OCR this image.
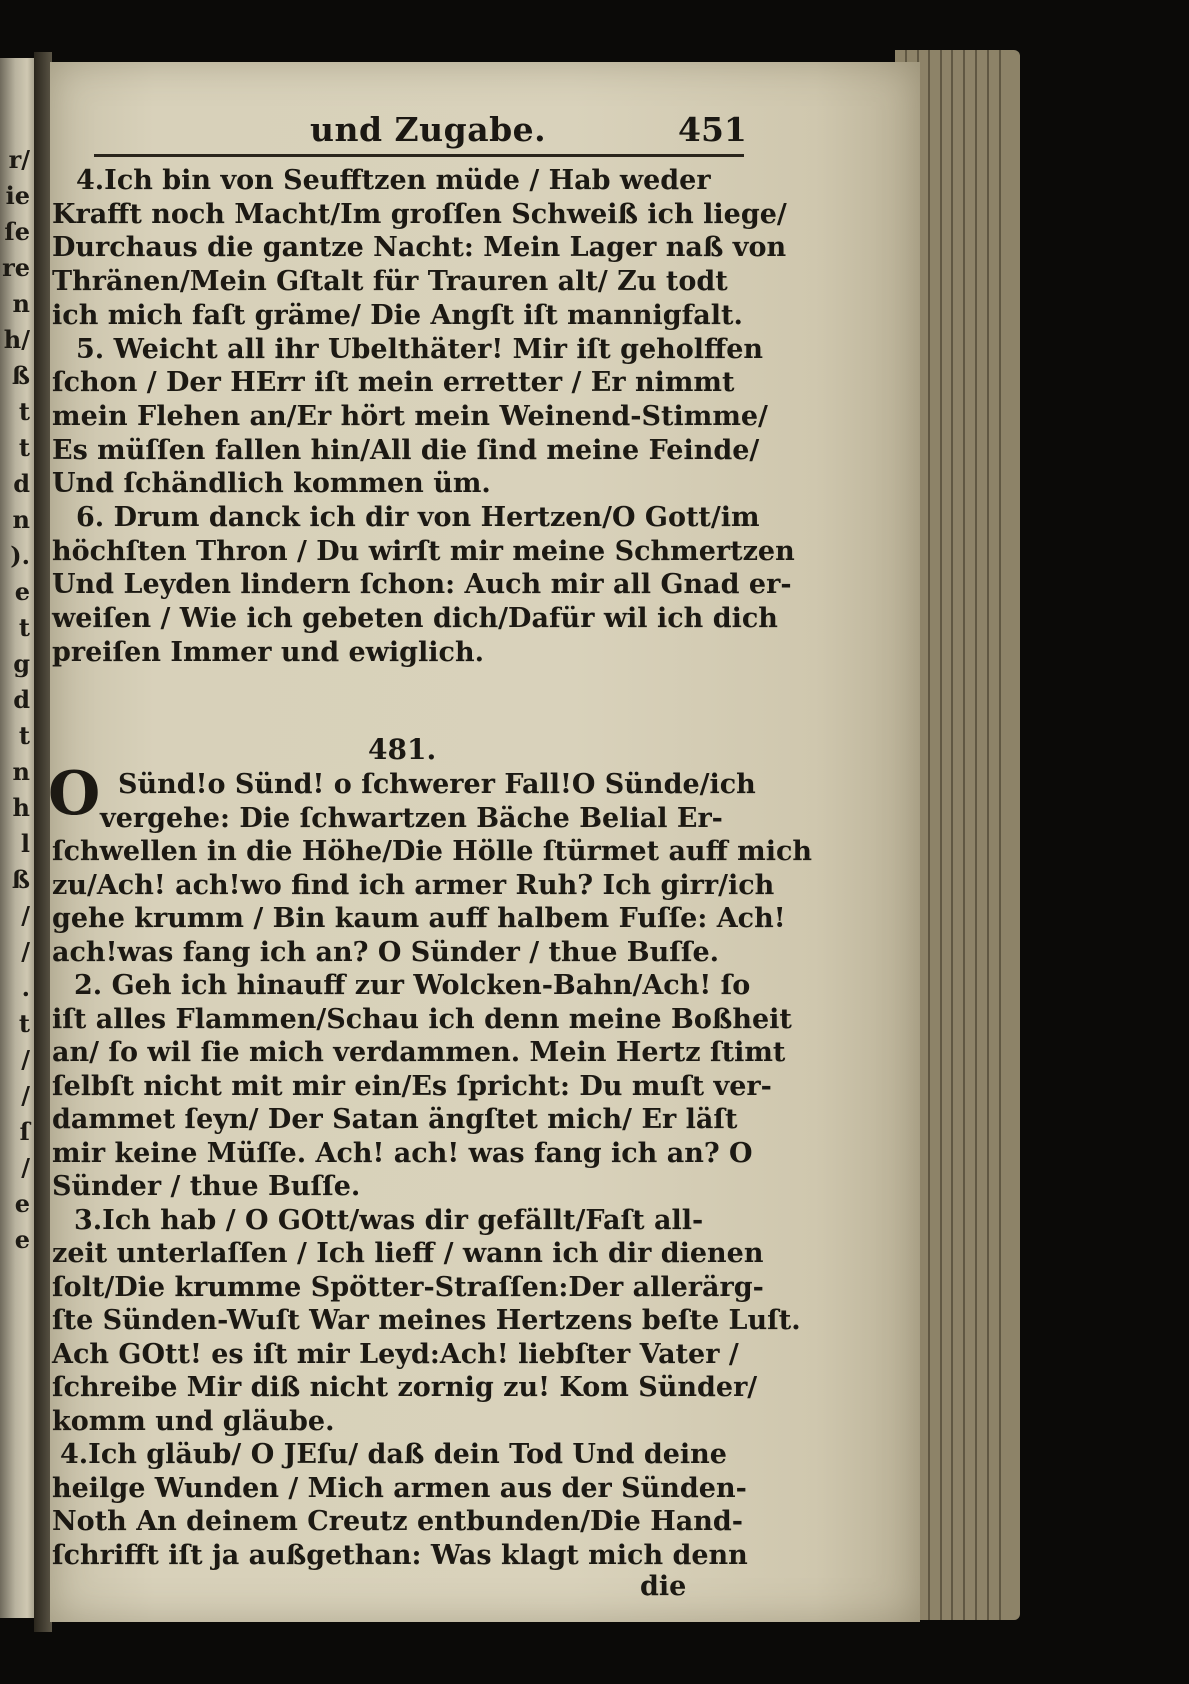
r/
ie
ſe
re
n
h/
ß
t
t
d
n
).
e
t
g
d
t
n
h
l
ß
/
/
.
t
/
/
ſ
/
e
e
und Zugabe.	451
4.Ich bin von Seufftzen müde / Hab weder
Krafft noch Macht/Im groſſen Schweiß ich liege/
Durchaus die gantze Nacht: Mein Lager naß von
Thränen/Mein Gſtalt für Trauren alt/ Zu todt
ich mich faſt gräme/ Die Angſt iſt mannigfalt.
5. Weicht all ihr Ubelthäter! Mir iſt geholffen
ſchon / Der HErr iſt mein erretter / Er nimmt
mein Flehen an/Er hört mein Weinend-Stimme/
Es müſſen fallen hin/All die ſind meine Feinde/
Und ſchändlich kommen üm.
6. Drum danck ich dir von Hertzen/O Gott/im
höchſten Thron / Du wirſt mir meine Schmertzen
Und Leyden lindern ſchon: Auch mir all Gnad er-
weiſen / Wie ich gebeten dich/Dafür wil ich dich
preiſen Immer und ewiglich.
481.
O Sünd!o Sünd! o ſchwerer Fall!O Sünde/ich
vergehe: Die ſchwartzen Bäche Belial Er-
ſchwellen in die Höhe/Die Hölle ſtürmet auff mich
zu/Ach! ach!wo find ich armer Ruh? Ich girr/ich
gehe krumm / Bin kaum auff halbem Fuſſe: Ach!
ach!was fang ich an? O Sünder / thue Buſſe.
2. Geh ich hinauff zur Wolcken-Bahn/Ach! ſo
iſt alles Flammen/Schau ich denn meine Boßheit
an/ ſo wil ſie mich verdammen. Mein Hertz ſtimt
ſelbſt nicht mit mir ein/Es ſpricht: Du muſt ver-
dammet ſeyn/ Der Satan ängſtet mich/ Er läſt
mir keine Müſſe. Ach! ach! was fang ich an? O
Sünder / thue Buſſe.
3.Ich hab / O GOtt/was dir gefällt/Faſt all-
zeit unterlaſſen / Ich lieff / wann ich dir dienen
ſolt/Die krumme Spötter-Straſſen:Der allerärg-
ſte Sünden-Wuſt War meines Hertzens beſte Luſt.
Ach GOtt! es iſt mir Leyd:Ach! liebſter Vater /
ſchreibe Mir diß nicht zornig zu! Kom Sünder/
komm und gläube.
4.Ich gläub/ O JEſu/ daß dein Tod Und deine
heilge Wunden / Mich armen aus der Sünden-
Noth An deinem Creutz entbunden/Die Hand-
ſchrifft iſt ja außgethan: Was klagt mich denn
die
